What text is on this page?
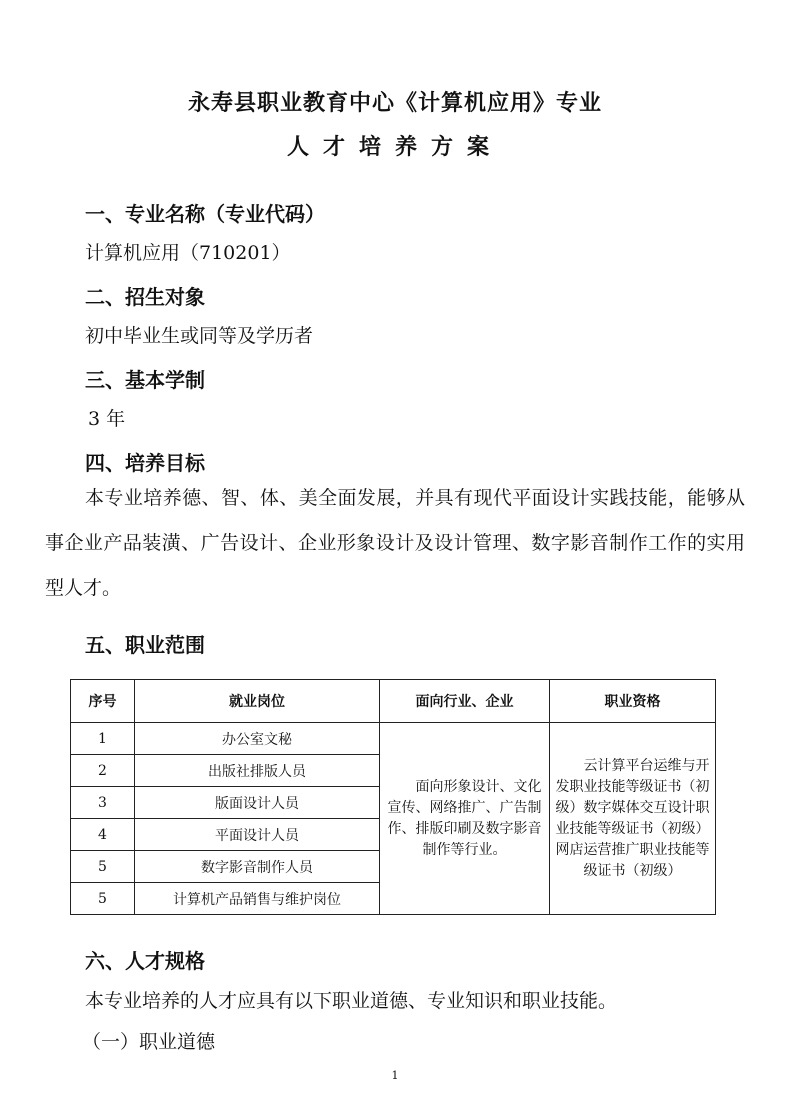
永寿县职业教育中心《计算机应用》专业
人才培养方案
一、专业名称（专业代码）
计算机应用（710201）
二、招生对象
初中毕业生或同等及学历者
三、基本学制
3 年
四、培养目标
本专业培养德、智、体、美全面发展，并具有现代平面设计实践技能，能够从事企业产品装潢、广告设计、企业形象设计及设计管理、数字影音制作工作的实用型人才。
五、职业范围
序号	就业岗位	面向行业、企业	职业资格
1	办公室文秘	面向形象设计、文化宣传、网络推广、广告制作、排版印刷及数字影音制作等行业。	云计算平台运维与开发职业技能等级证书（初级）数字媒体交互设计职业技能等级证书（初级）网店运营推广职业技能等级证书（初级）
2	出版社排版人员		
3	版面设计人员		
4	平面设计人员		
5	数字影音制作人员		
5	计算机产品销售与维护岗位		
六、人才规格
本专业培养的人才应具有以下职业道德、专业知识和职业技能。
（一）职业道德
1
